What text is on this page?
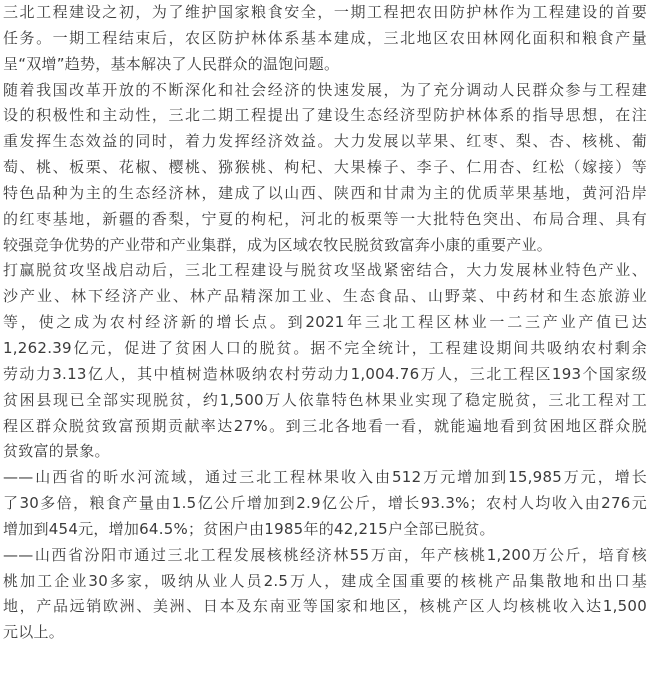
三北工程建设之初，为了维护国家粮食安全，一期工程把农田防护林作为工程建设的首要
任务。一期工程结束后，农区防护林体系基本建成，三北地区农田林网化面积和粮食产量
呈“双增”趋势，基本解决了人民群众的温饱问题。
随着我国改革开放的不断深化和社会经济的快速发展，为了充分调动人民群众参与工程建
设的积极性和主动性，三北二期工程提出了建设生态经济型防护林体系的指导思想，在注
重发挥生态效益的同时，着力发挥经济效益。大力发展以苹果、红枣、梨、杏、核桃、葡
萄、桃、板栗、花椒、樱桃、猕猴桃、枸杞、大果榛子、李子、仁用杏、红松（嫁接）等
特色品种为主的生态经济林，建成了以山西、陕西和甘肃为主的优质苹果基地，黄河沿岸
的红枣基地，新疆的香梨，宁夏的枸杞，河北的板栗等一大批特色突出、布局合理、具有
较强竞争优势的产业带和产业集群，成为区域农牧民脱贫致富奔小康的重要产业。
打赢脱贫攻坚战启动后，三北工程建设与脱贫攻坚战紧密结合，大力发展林业特色产业、
沙产业、林下经济产业、林产品精深加工业、生态食品、山野菜、中药材和生态旅游业
等，使之成为农村经济新的增长点。到2021年三北工程区林业一二三产业产值已达
1,262.39亿元，促进了贫困人口的脱贫。据不完全统计，工程建设期间共吸纳农村剩余
劳动力3.13亿人，其中植树造林吸纳农村劳动力1,004.76万人，三北工程区193个国家级
贫困县现已全部实现脱贫，约1,500万人依靠特色林果业实现了稳定脱贫，三北工程对工
程区群众脱贫致富预期贡献率达27%。到三北各地看一看，就能遍地看到贫困地区群众脱
贫致富的景象。
——山西省的昕水河流域，通过三北工程林果收入由512万元增加到15,985万元，增长
了30多倍，粮食产量由1.5亿公斤增加到2.9亿公斤，增长93.3%；农村人均收入由276元
增加到454元，增加64.5%；贫困户由1985年的42,215户全部已脱贫。
——山西省汾阳市通过三北工程发展核桃经济林55万亩，年产核桃1,200万公斤，培育核
桃加工企业30多家，吸纳从业人员2.5万人，建成全国重要的核桃产品集散地和出口基
地，产品远销欧洲、美洲、日本及东南亚等国家和地区，核桃产区人均核桃收入达1,500
元以上。
